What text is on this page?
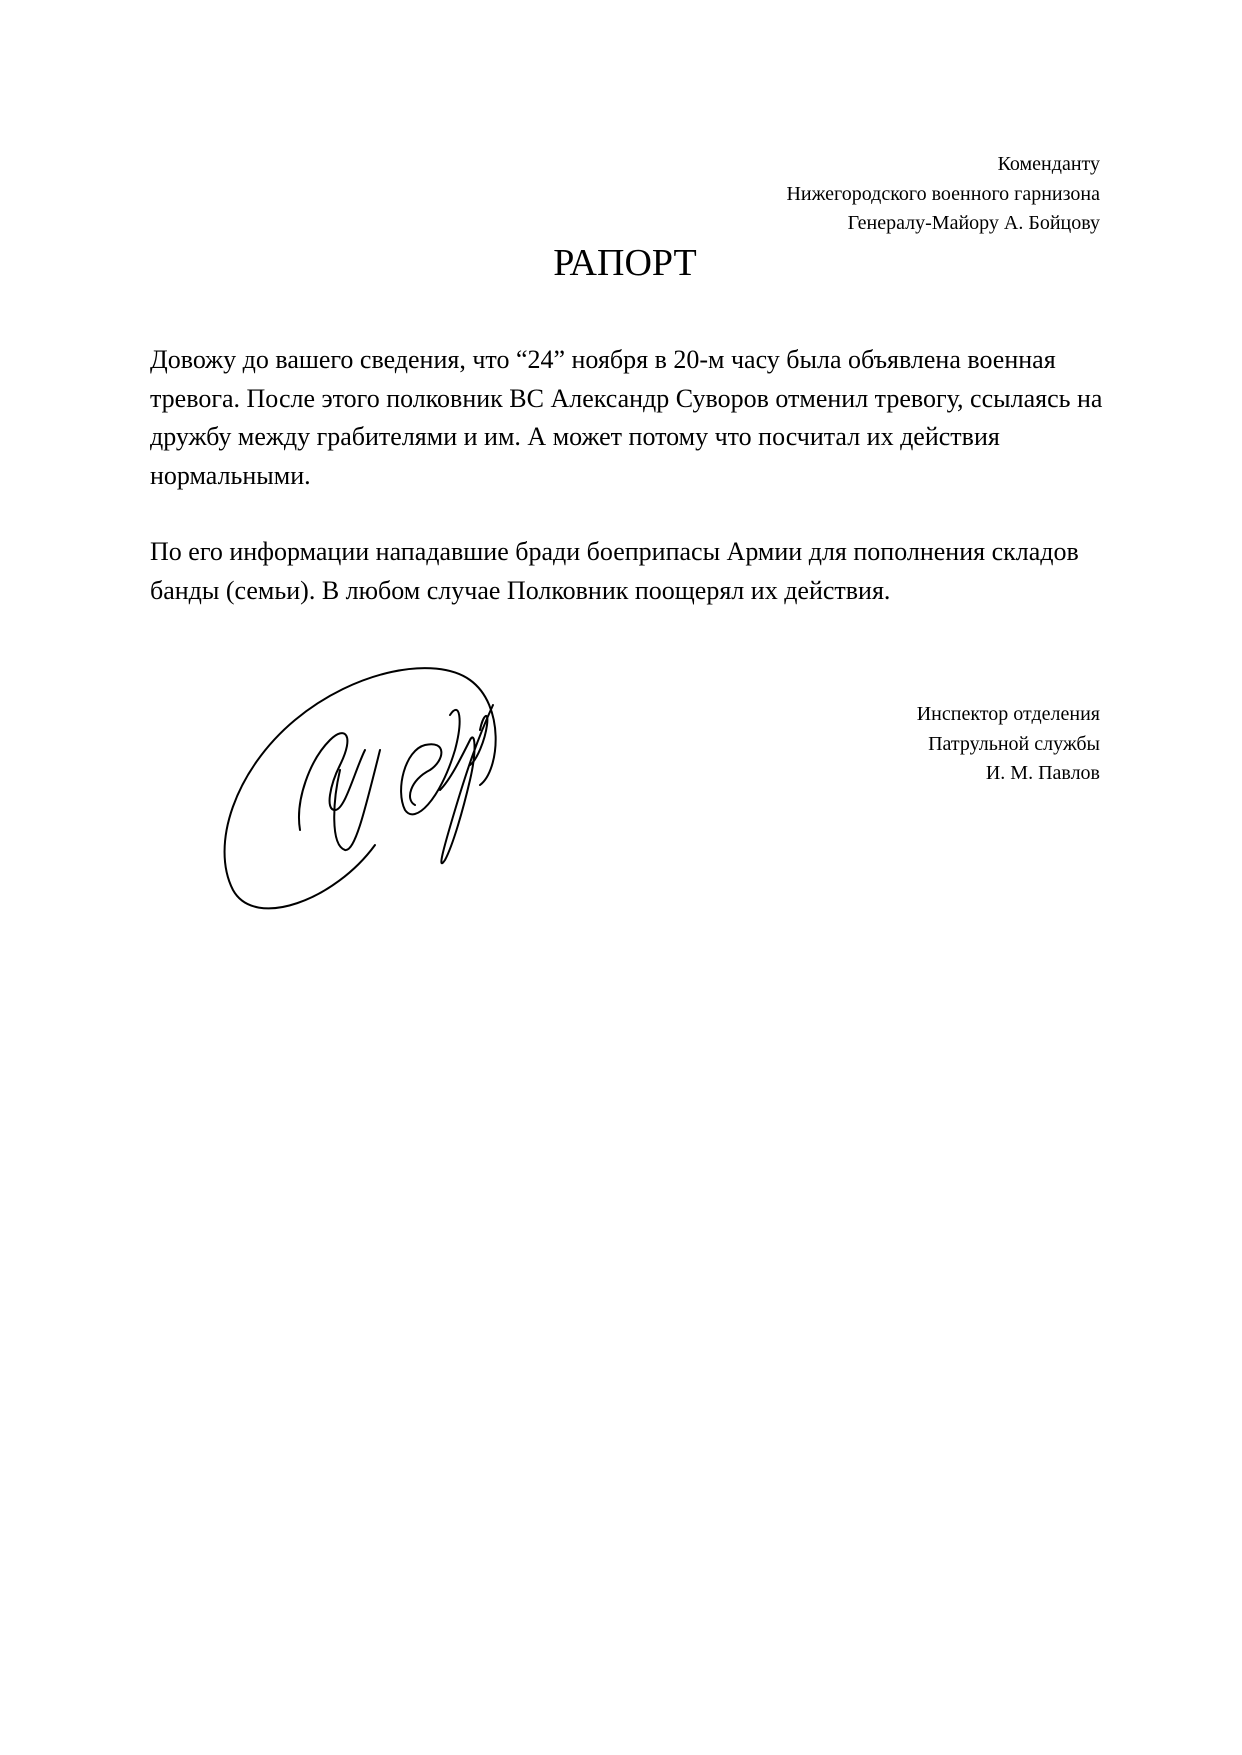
Коменданту
Нижегородского военного гарнизона
Генералу-Майору А. Бойцову
РАПОРТ

Довожу до вашего сведения, что “24” ноября в 20-м часу была объявлена военная тревога. После этого полковник ВС Александр Суворов отменил тревогу, ссылаясь на дружбу между грабителями и им. А может потому что посчитал их действия нормальными.

По его информации нападавшие бради боеприпасы Армии для пополнения складов банды (семьи). В любом случае Полковник поощерял их действия.

Инспектор отделения
Патрульной службы
И. М. Павлов
